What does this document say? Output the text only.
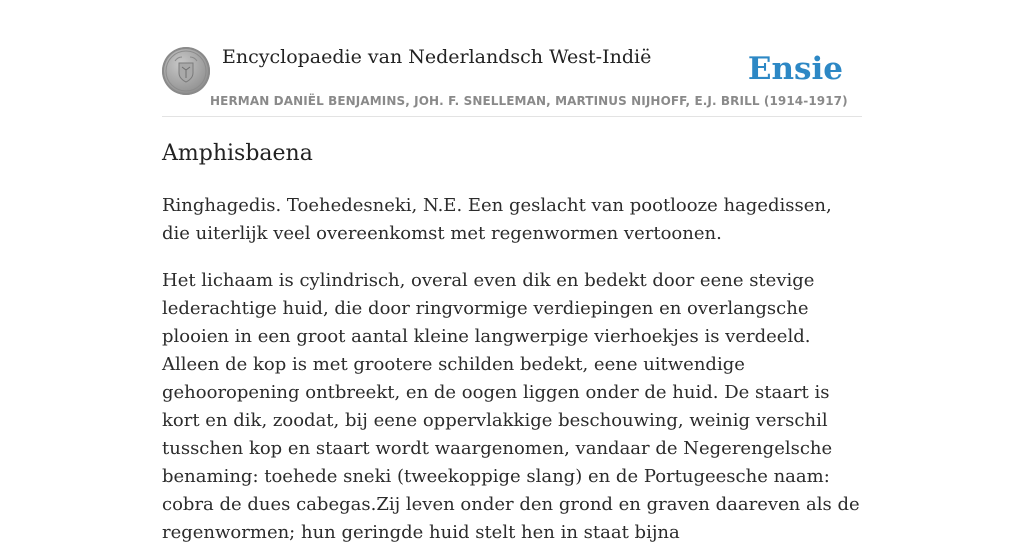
Encyclopaedie van Nederlandsch West-Indië	Ensie
HERMAN DANIËL BENJAMINS, JOH. F. SNELLEMAN, MARTINUS NIJHOFF, E.J. BRILL (1914-1917)
Amphisbaena

Ringhagedis. Toehedesneki, N.E. Een geslacht van pootlooze hagedissen, die uiterlijk veel overeenkomst met regenwormen vertoonen.

Het lichaam is cylindrisch, overal even dik en bedekt door eene stevige lederachtige huid, die door ringvormige verdiepingen en overlangsche plooien in een groot aantal kleine langwerpige vierhoekjes is verdeeld. Alleen de kop is met grootere schilden bedekt, eene uitwendige gehooropening ontbreekt, en de oogen liggen onder de huid. De staart is kort en dik, zoodat, bij eene oppervlakkige beschouwing, weinig verschil tusschen kop en staart wordt waargenomen, vandaar de Negerengelsche benaming: toehede sneki (tweekoppige slang) en de Portugeesche naam: cobra de dues cabegas.Zij leven onder den grond en graven daareven als de regenwormen; hun geringde huid stelt hen in staat bijna
